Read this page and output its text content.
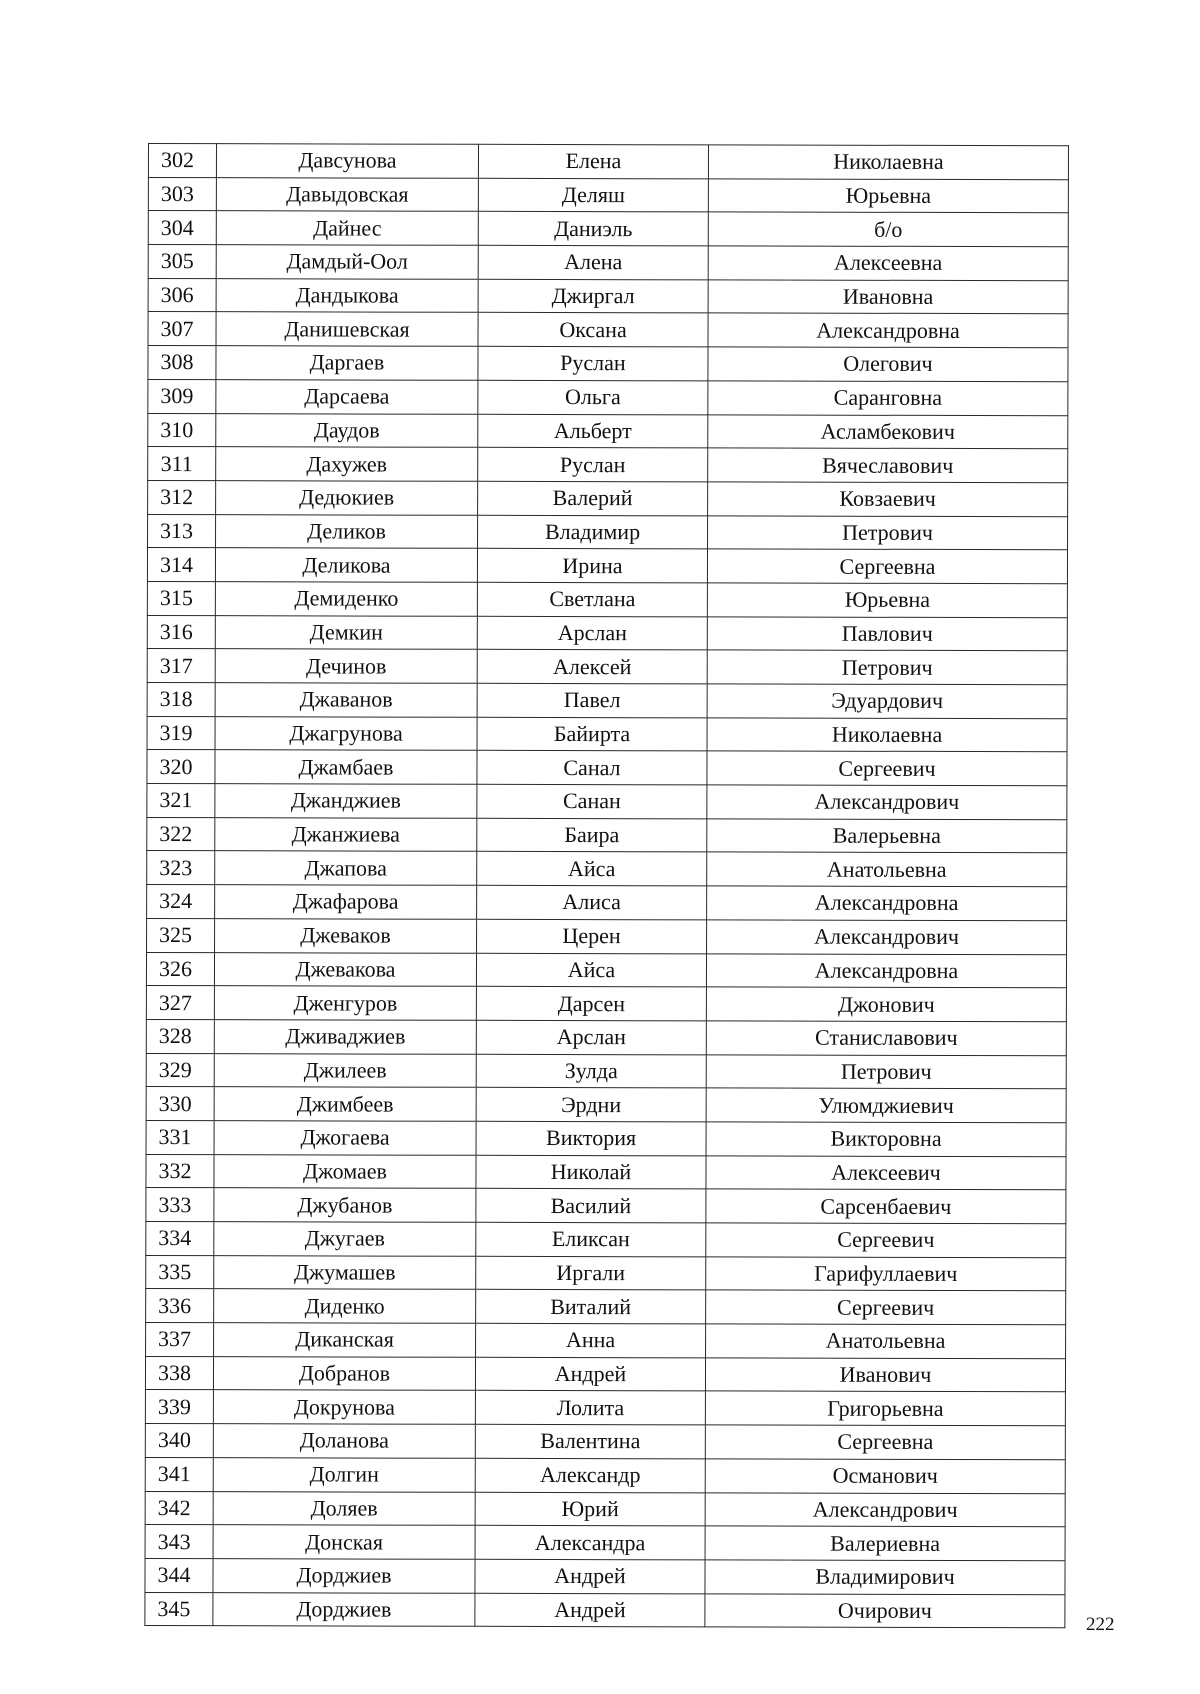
302	Давсунова	Елена	Николаевна
303	Давыдовская	Деляш	Юрьевна
304	Дайнес	Даниэль	б/о
305	Дамдый-Оол	Алена	Алексеевна
306	Дандыкова	Джиргал	Ивановна
307	Данишевская	Оксана	Александровна
308	Даргаев	Руслан	Олегович
309	Дарсаева	Ольга	Саранговна
310	Даудов	Альберт	Асламбекович
311	Дахужев	Руслан	Вячеславович
312	Дедюкиев	Валерий	Ковзаевич
313	Деликов	Владимир	Петрович
314	Деликова	Ирина	Сергеевна
315	Демиденко	Светлана	Юрьевна
316	Демкин	Арслан	Павлович
317	Дечинов	Алексей	Петрович
318	Джаванов	Павел	Эдуардович
319	Джагрунова	Байирта	Николаевна
320	Джамбаев	Санал	Сергеевич
321	Джанджиев	Санан	Александрович
322	Джанжиева	Баира	Валерьевна
323	Джапова	Айса	Анатольевна
324	Джафарова	Алиса	Александровна
325	Джеваков	Церен	Александрович
326	Джевакова	Айса	Александровна
327	Дженгуров	Дарсен	Джонович
328	Дживаджиев	Арслан	Станиславович
329	Джилеев	Зулда	Петрович
330	Джимбеев	Эрдни	Улюмджиевич
331	Джогаева	Виктория	Викторовна
332	Джомаев	Николай	Алексеевич
333	Джубанов	Василий	Сарсенбаевич
334	Джугаев	Еликсан	Сергеевич
335	Джумашев	Иргали	Гарифуллаевич
336	Диденко	Виталий	Сергеевич
337	Диканская	Анна	Анатольевна
338	Добранов	Андрей	Иванович
339	Докрунова	Лолита	Григорьевна
340	Доланова	Валентина	Сергеевна
341	Долгин	Александр	Османович
342	Доляев	Юрий	Александрович
343	Донская	Александра	Валериевна
344	Дорджиев	Андрей	Владимирович
345	Дорджиев	Андрей	Очирович
222
